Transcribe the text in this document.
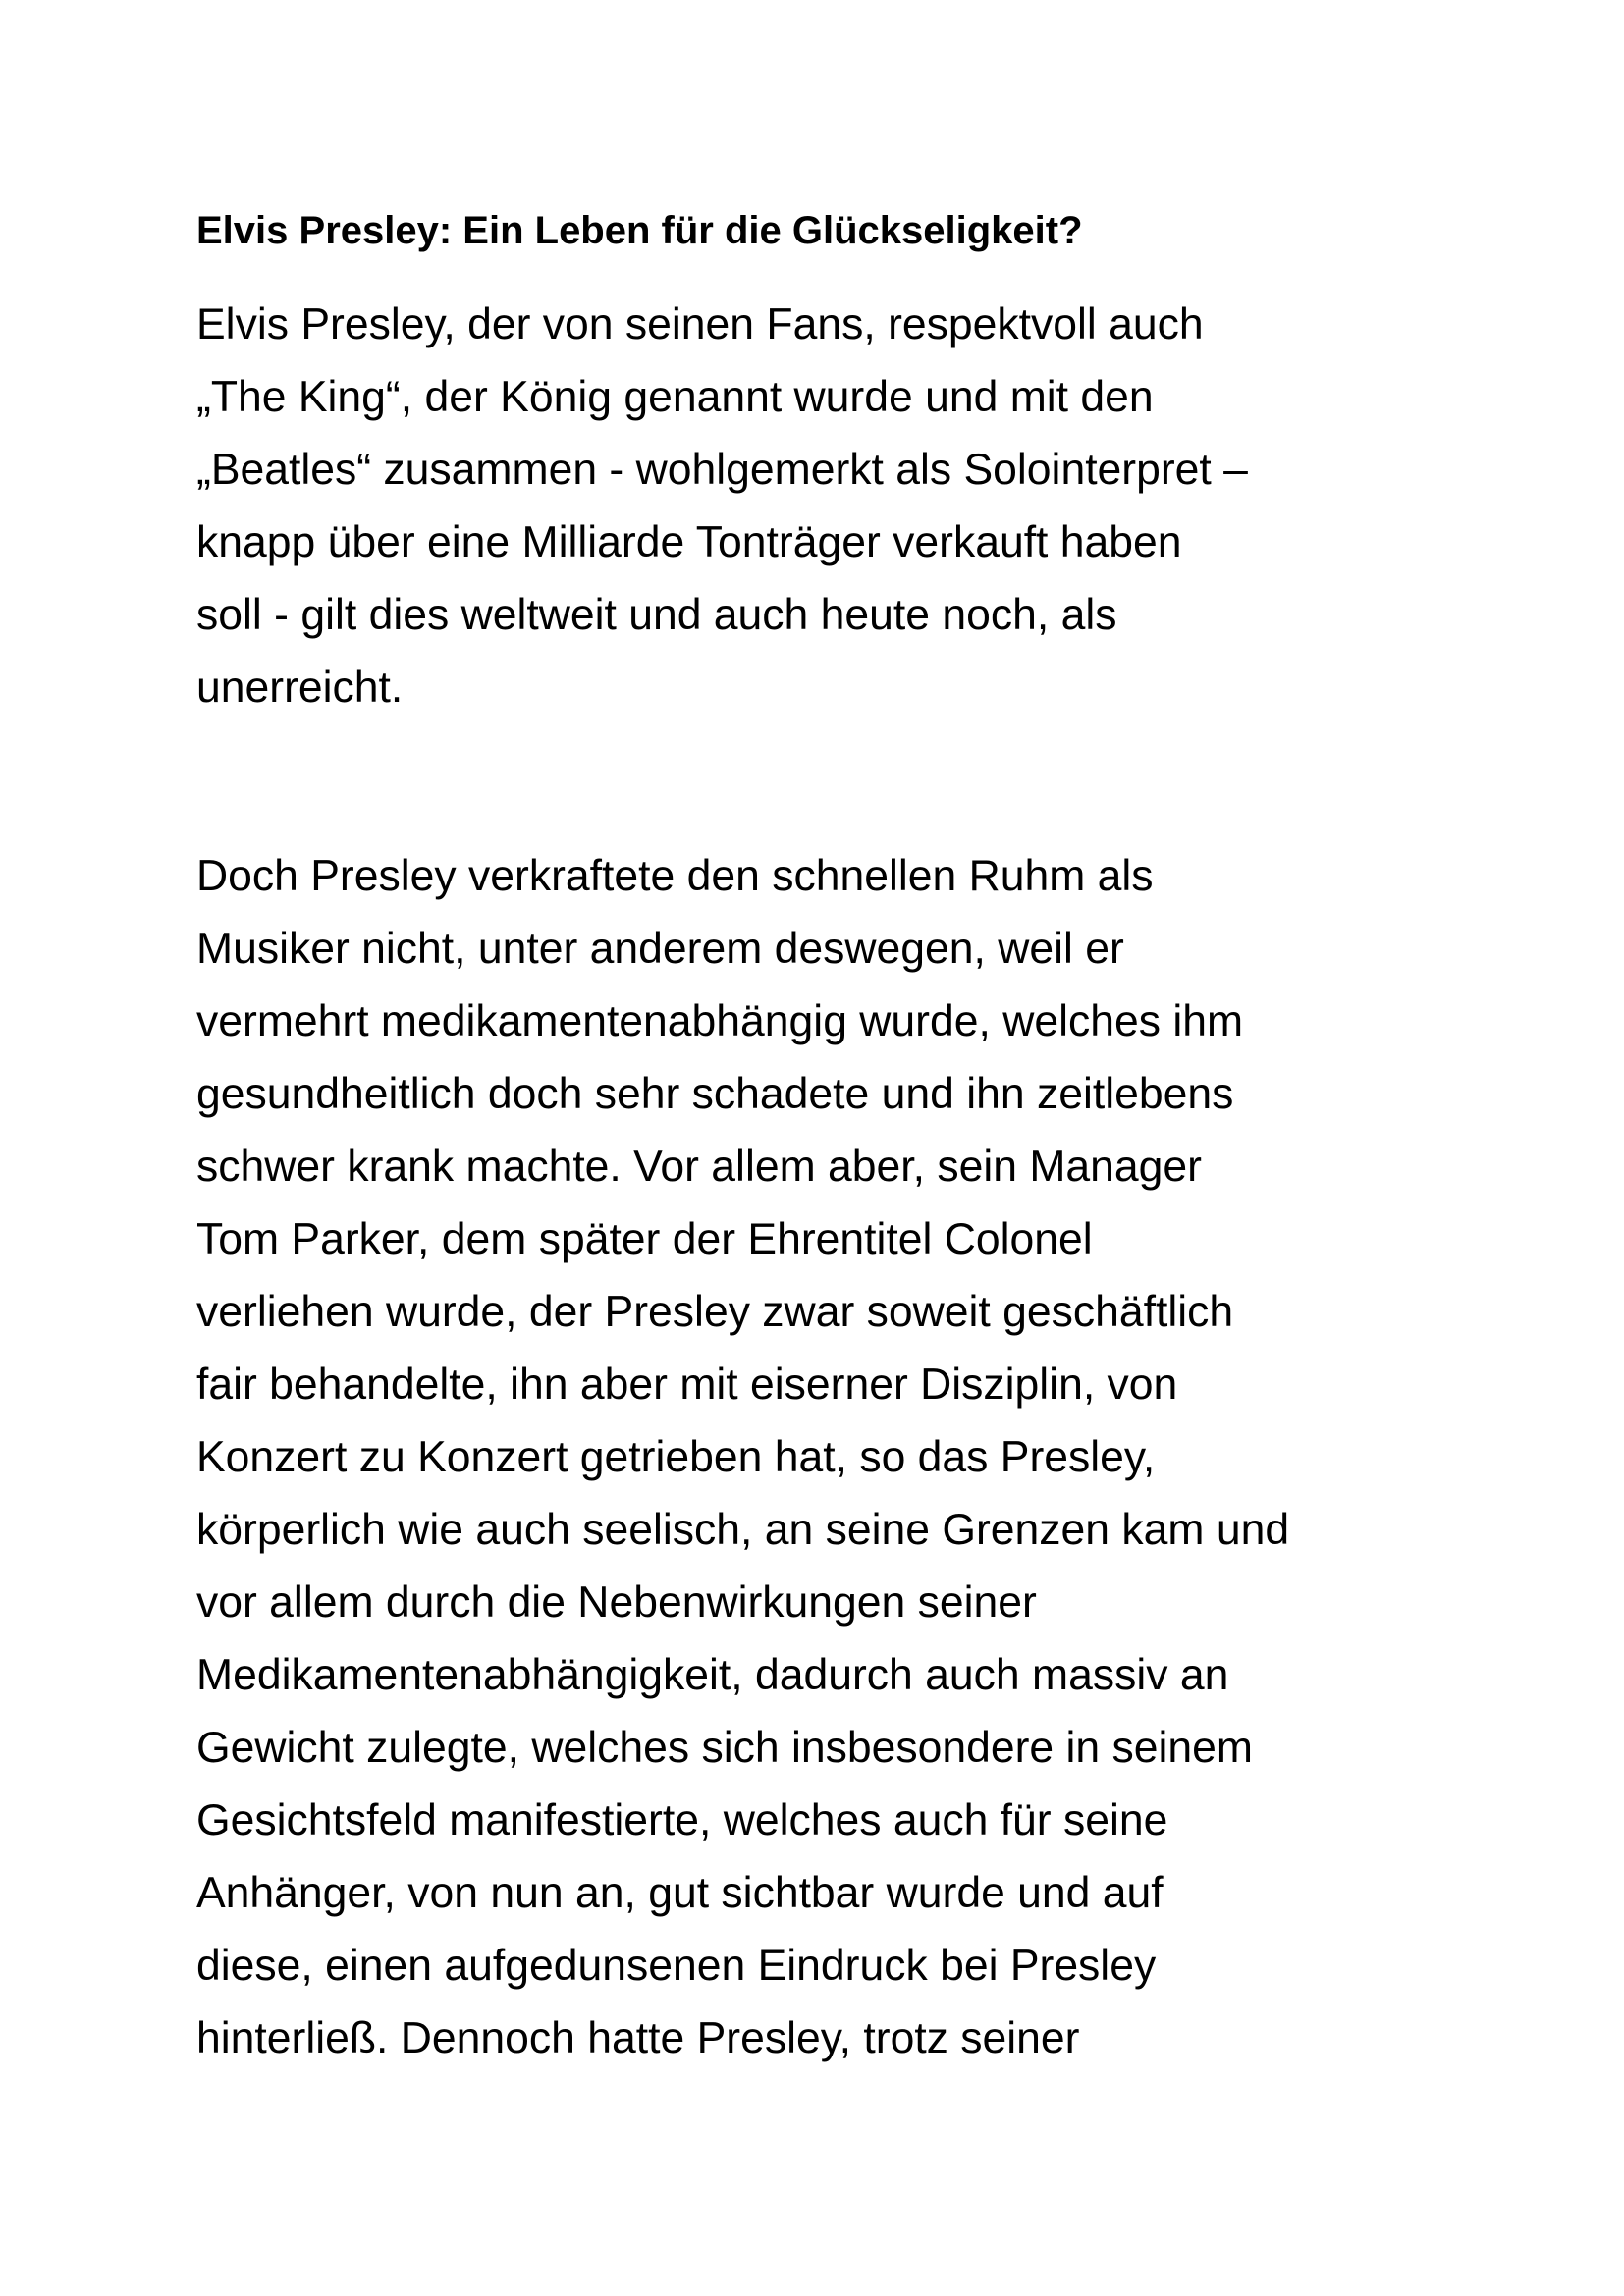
Elvis Presley: Ein Leben für die Glückseligkeit?

Elvis Presley, der von seinen Fans, respektvoll auch

„The King“, der König genannt wurde und mit den

„Beatles“ zusammen - wohlgemerkt als Solointerpret –

knapp über eine Milliarde Tonträger verkauft haben

soll - gilt dies weltweit und auch heute noch, als

unerreicht.

Doch Presley verkraftete den schnellen Ruhm als

Musiker nicht, unter anderem deswegen, weil er

vermehrt medikamentenabhängig wurde, welches ihm

gesundheitlich doch sehr schadete und ihn zeitlebens

schwer krank machte. Vor allem aber, sein Manager

Tom Parker, dem später der Ehrentitel Colonel

verliehen wurde, der Presley zwar soweit geschäftlich

fair behandelte, ihn aber mit eiserner Disziplin, von

Konzert zu Konzert getrieben hat, so das Presley,

körperlich wie auch seelisch, an seine Grenzen kam und

vor allem durch die Nebenwirkungen seiner

Medikamentenabhängigkeit, dadurch auch massiv an

Gewicht zulegte, welches sich insbesondere in seinem

Gesichtsfeld manifestierte, welches auch für seine

Anhänger, von nun an, gut sichtbar wurde und auf

diese, einen aufgedunsenen Eindruck bei Presley

hinterließ. Dennoch hatte Presley, trotz seiner
